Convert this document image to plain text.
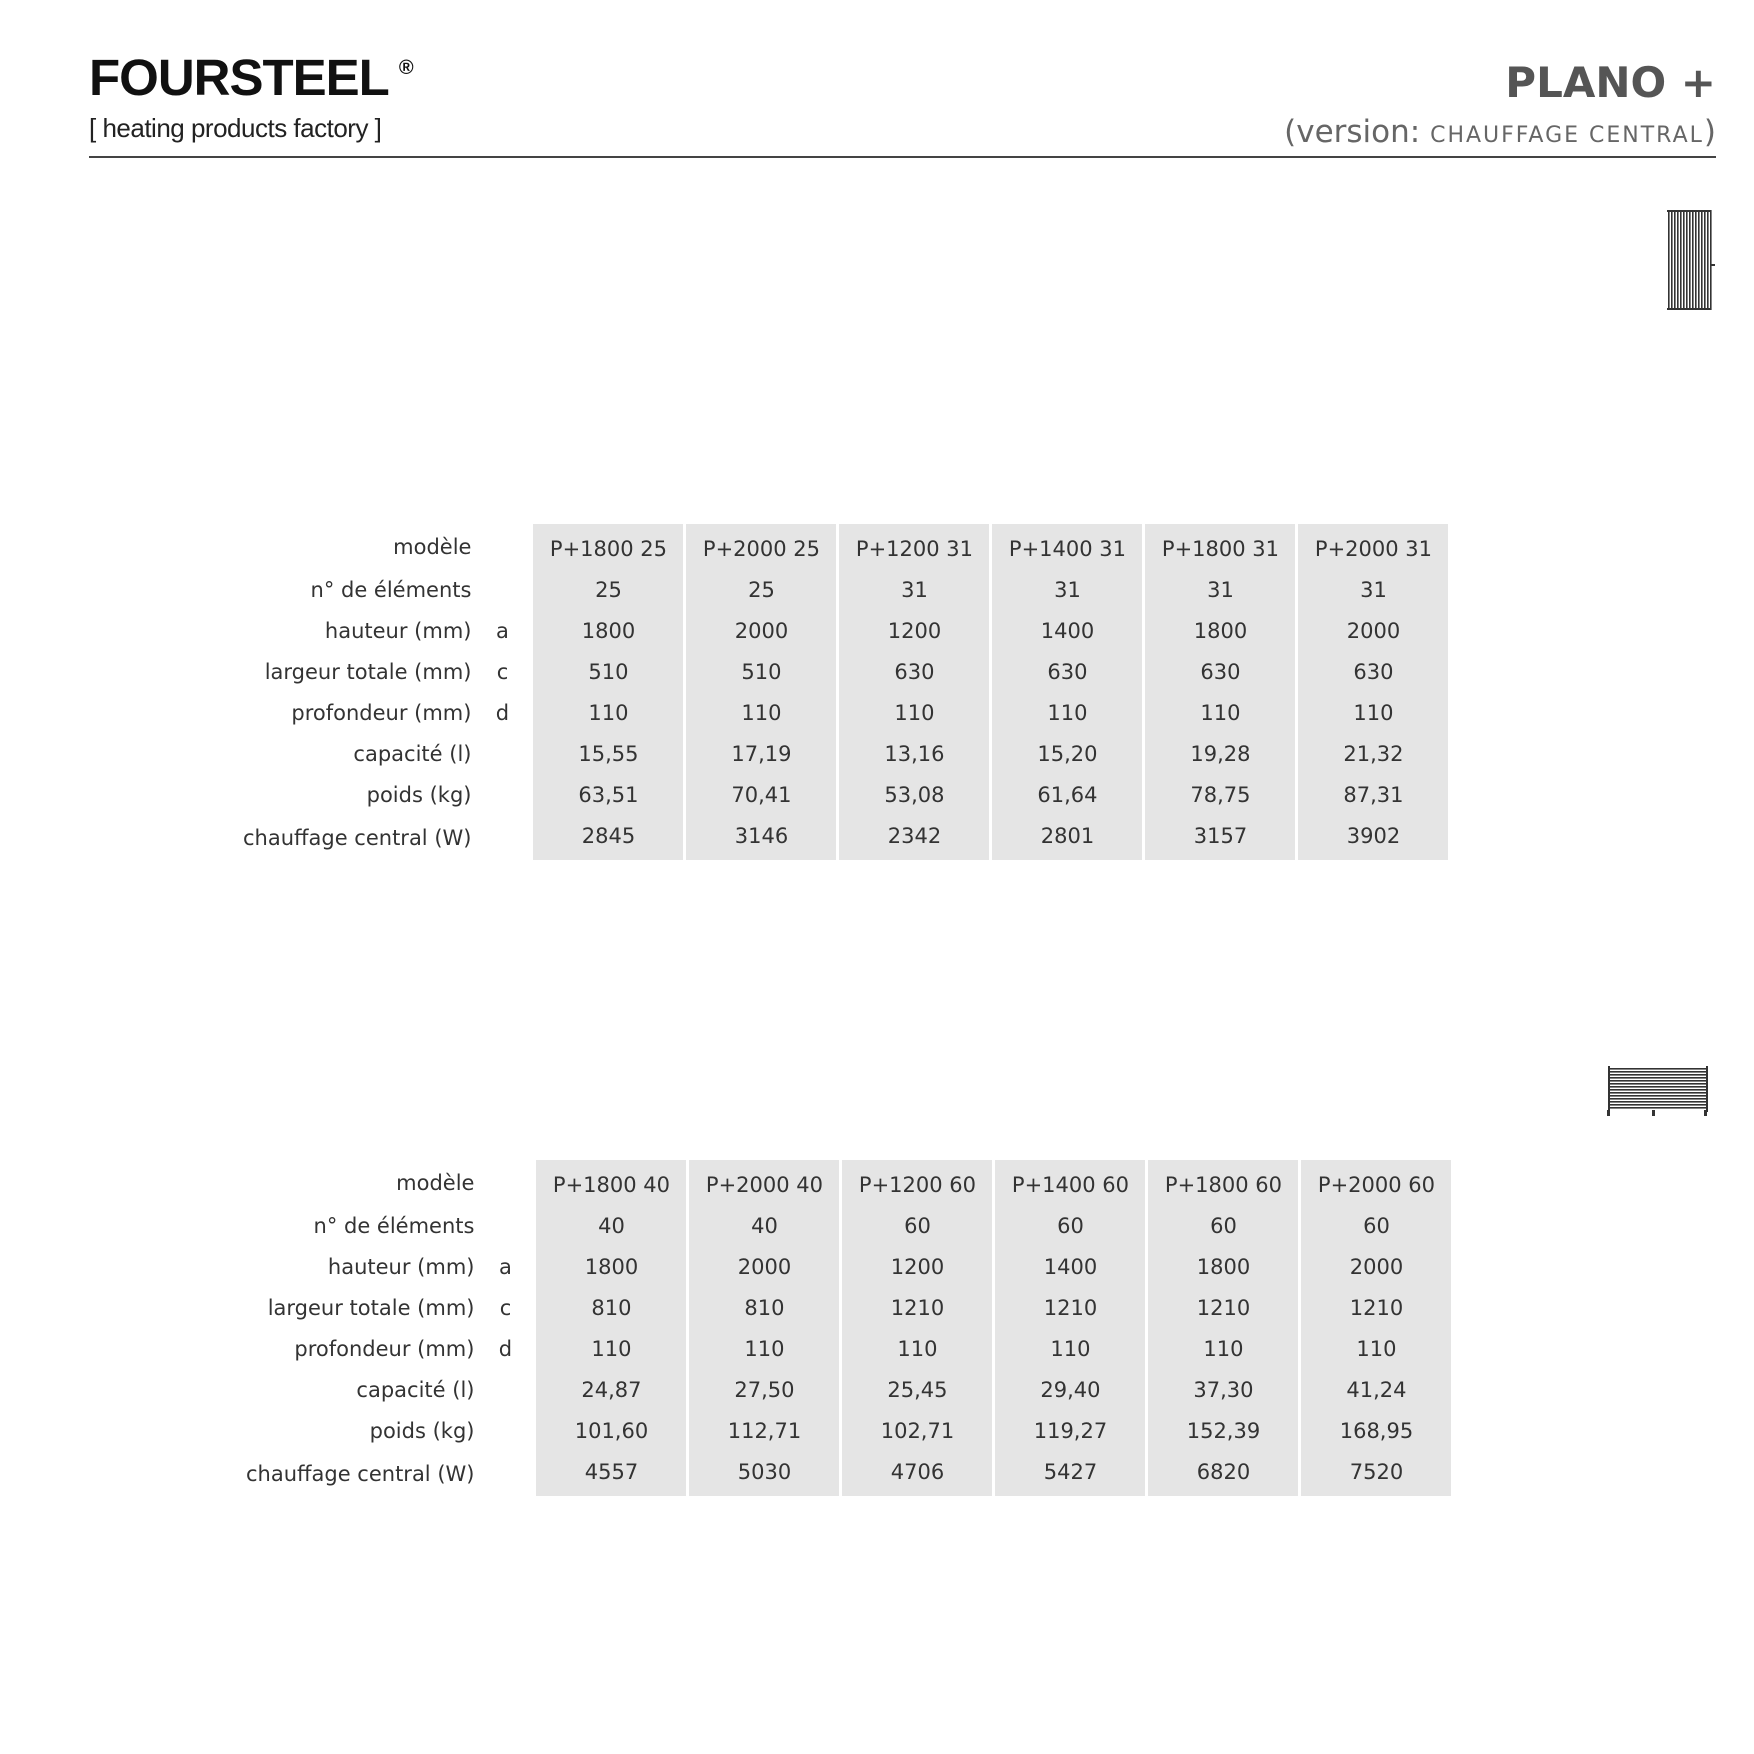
FOURSTEEL ®
[ heating products factory ]
PLANO +
(version: CHAUFFAGE CENTRAL)
modèle		P+1800 25	P+2000 25	P+1200 31	P+1400 31	P+1800 31	P+2000 31
n° de éléments		25	25	31	31	31	31
hauteur (mm)	a	1800	2000	1200	1400	1800	2000
largeur totale (mm)	c	510	510	630	630	630	630
profondeur (mm)	d	110	110	110	110	110	110
capacité (l)		15,55	17,19	13,16	15,20	19,28	21,32
poids (kg)		63,51	70,41	53,08	61,64	78,75	87,31
chauffage central (W)		2845	3146	2342	2801	3157	3902
modèle		P+1800 40	P+2000 40	P+1200 60	P+1400 60	P+1800 60	P+2000 60
n° de éléments		40	40	60	60	60	60
hauteur (mm)	a	1800	2000	1200	1400	1800	2000
largeur totale (mm)	c	810	810	1210	1210	1210	1210
profondeur (mm)	d	110	110	110	110	110	110
capacité (l)		24,87	27,50	25,45	29,40	37,30	41,24
poids (kg)		101,60	112,71	102,71	119,27	152,39	168,95
chauffage central (W)		4557	5030	4706	5427	6820	7520
